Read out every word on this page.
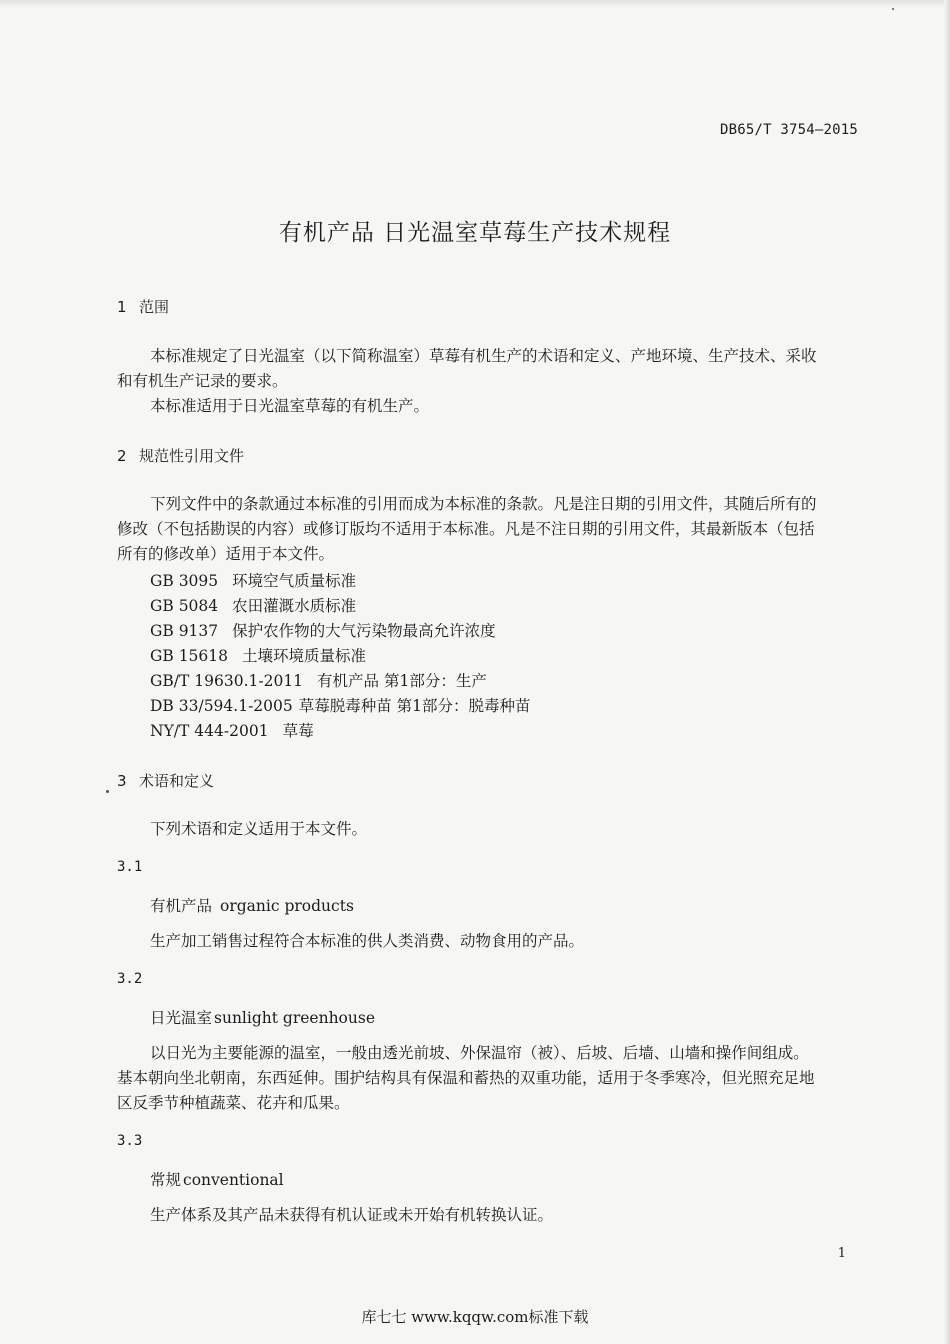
DB65/T 3754—2015
有机产品 日光温室草莓生产技术规程
1 范围
本标准规定了日光温室（以下简称温室）草莓有机生产的术语和定义、产地环境、生产技术、采收
和有机生产记录的要求。
本标准适用于日光温室草莓的有机生产。
2 规范性引用文件
下列文件中的条款通过本标准的引用而成为本标准的条款。凡是注日期的引用文件，其随后所有的
修改（不包括勘误的内容）或修订版均不适用于本标准。凡是不注日期的引用文件，其最新版本（包括
所有的修改单）适用于本文件。
GB 3095 环境空气质量标准
GB 5084 农田灌溉水质标准
GB 9137 保护农作物的大气污染物最高允许浓度
GB 15618 土壤环境质量标准
GB/T 19630.1-2011 有机产品 第1部分：生产
DB 33/594.1-2005 草莓脱毒种苗 第1部分：脱毒种苗
NY/T 444-2001 草莓
3 术语和定义
下列术语和定义适用于本文件。
3.1
有机产品 organic products
生产加工销售过程符合本标准的供人类消费、动物食用的产品。
3.2
日光温室 sunlight greenhouse
以日光为主要能源的温室，一般由透光前坡、外保温帘（被）、后坡、后墙、山墙和操作间组成。
基本朝向坐北朝南，东西延伸。围护结构具有保温和蓄热的双重功能，适用于冬季寒冷，但光照充足地
区反季节种植蔬菜、花卉和瓜果。
3.3
常规 conventional
生产体系及其产品未获得有机认证或未开始有机转换认证。
1
库七七 www.kqqw.com标准下载
